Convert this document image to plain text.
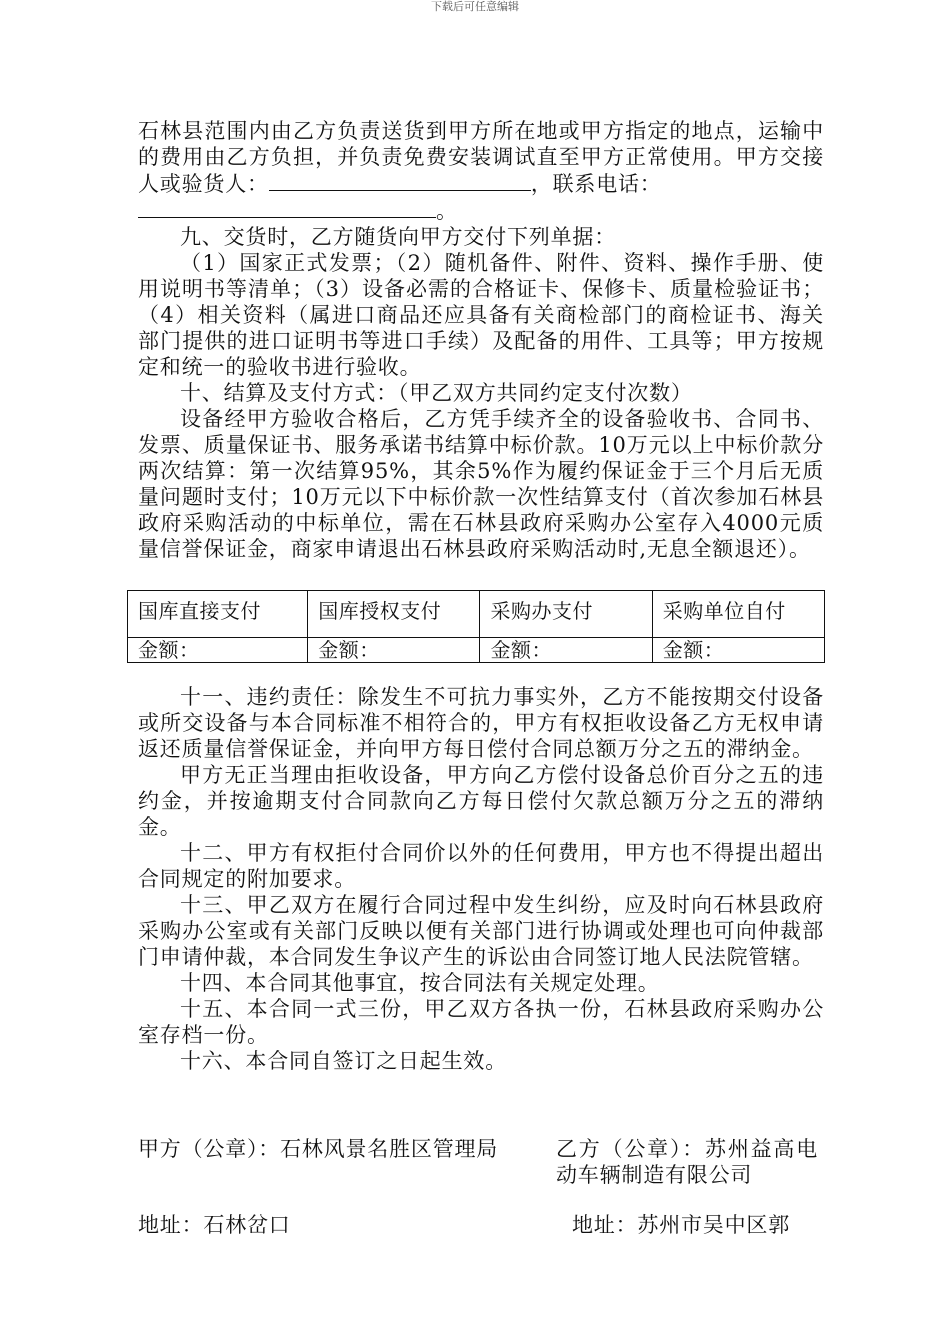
下载后可任意编辑

石林县范围内由乙方负责送货到甲方所在地或甲方指定的地点，运输中的费用由乙方负担，并负责免费安装调试直至甲方正常使用。甲方交接人或验货人：	，联系电话：
。

九、交货时，乙方随货向甲方交付下列单据：

（1）国家正式发票；（2）随机备件、附件、资料、操作手册、使用说明书等清单；（3）设备必需的合格证卡、保修卡、质量检验证书；（4）相关资料（属进口商品还应具备有关商检部门的商检证书、海关部门提供的进口证明书等进口手续）及配备的用件、工具等；甲方按规定和统一的验收书进行验收。

十、结算及支付方式：（甲乙双方共同约定支付次数）

设备经甲方验收合格后，乙方凭手续齐全的设备验收书、合同书、发票、质量保证书、服务承诺书结算中标价款。10万元以上中标价款分两次结算：第一次结算95%，其余5%作为履约保证金于三个月后无质量问题时支付；10万元以下中标价款一次性结算支付（首次参加石林县政府采购活动的中标单位，需在石林县政府采购办公室存入4000元质量信誉保证金，商家申请退出石林县政府采购活动时,无息全额退还）。

国库直接支付	国库授权支付	采购办支付	采购单位自付
金额：	金额：	金额：	金额：

十一、违约责任：除发生不可抗力事实外，乙方不能按期交付设备或所交设备与本合同标准不相符合的，甲方有权拒收设备乙方无权申请返还质量信誉保证金，并向甲方每日偿付合同总额万分之五的滞纳金。

甲方无正当理由拒收设备，甲方向乙方偿付设备总价百分之五的违约金，并按逾期支付合同款向乙方每日偿付欠款总额万分之五的滞纳金。

十二、甲方有权拒付合同价以外的任何费用，甲方也不得提出超出合同规定的附加要求。

十三、甲乙双方在履行合同过程中发生纠纷，应及时向石林县政府采购办公室或有关部门反映以便有关部门进行协调或处理也可向仲裁部门申请仲裁，本合同发生争议产生的诉讼由合同签订地人民法院管辖。

十四、本合同其他事宜，按合同法有关规定处理。

十五、本合同一式三份，甲乙双方各执一份，石林县政府采购办公室存档一份。

十六、本合同自签订之日起生效。

甲方（公章）：石林风景名胜区管理局	乙方（公章）：苏州益高电动车辆制造有限公司
地址：石林岔口	地址：苏州市吴中区郭
